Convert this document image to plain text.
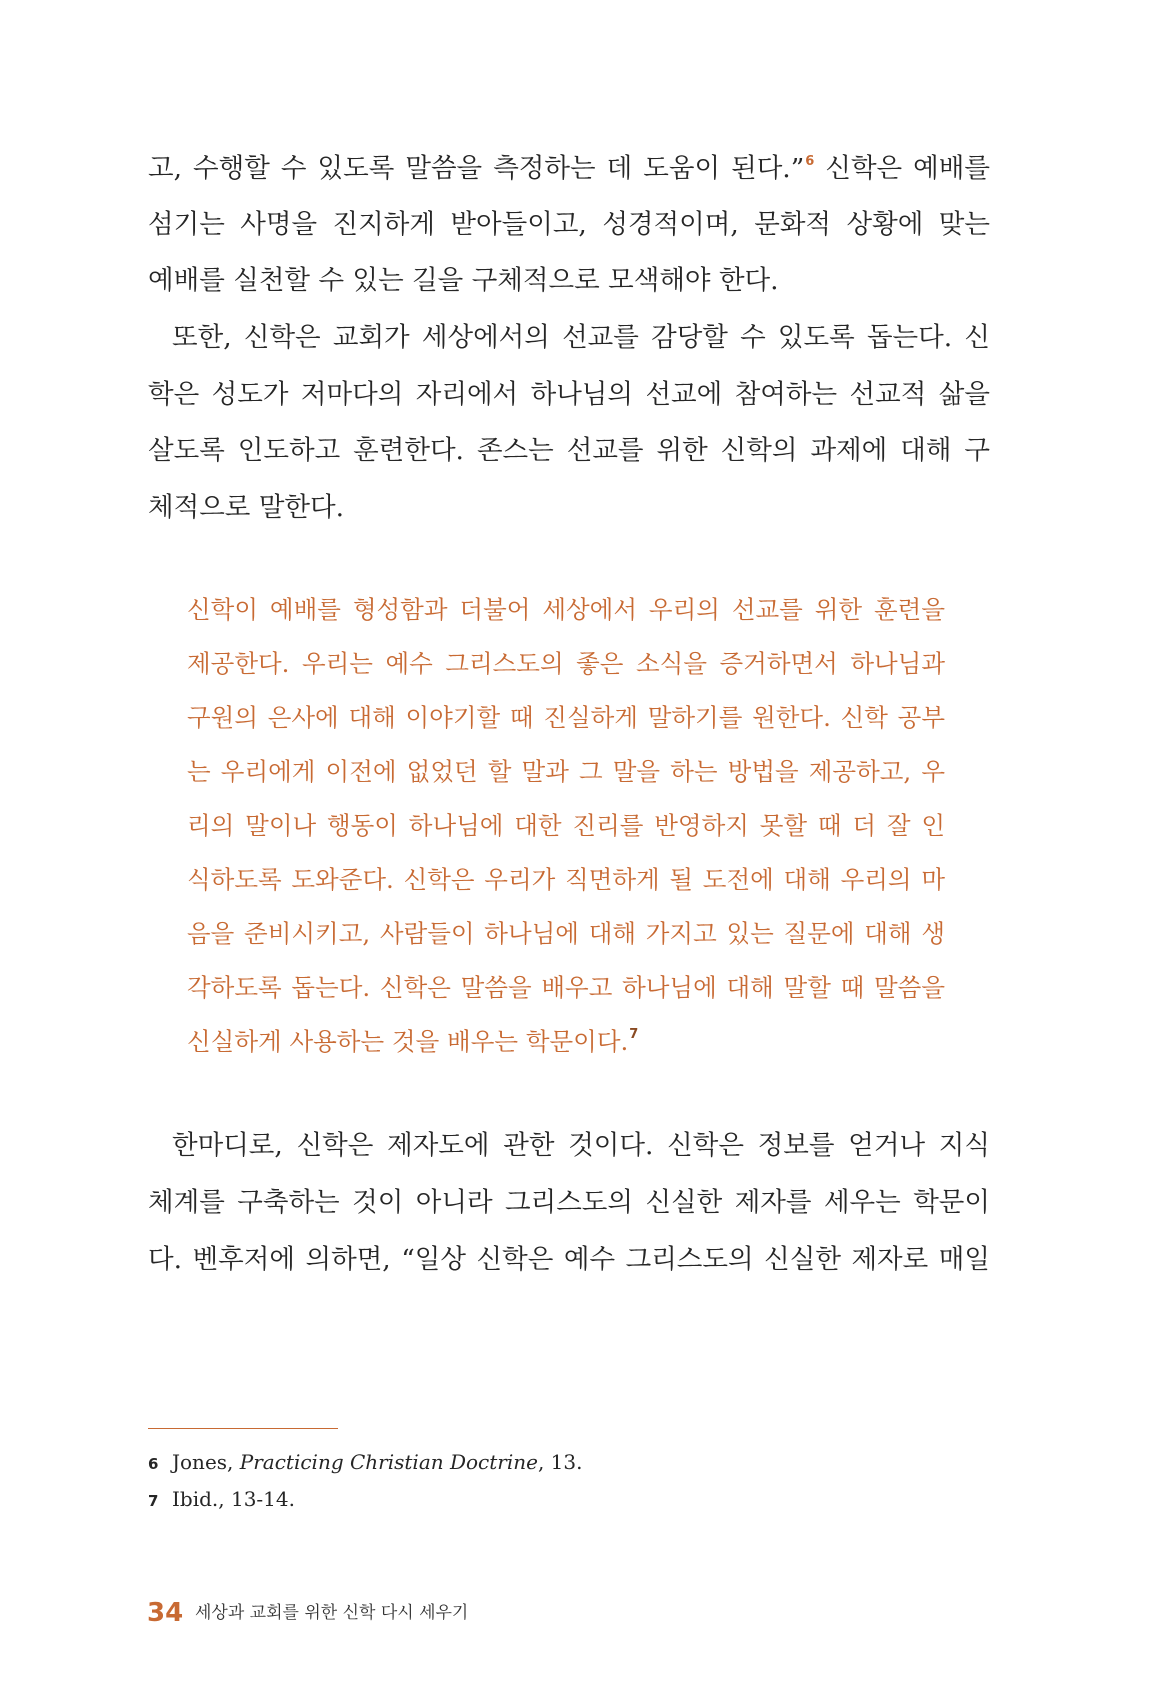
고, 수행할 수 있도록 말씀을 측정하는 데 도움이 된다.”$^6$ 신학은 예배를
섬기는 사명을 진지하게 받아들이고, 성경적이며, 문화적 상황에 맞는
예배를 실천할 수 있는 길을 구체적으로 모색해야 한다.
또한, 신학은 교회가 세상에서의 선교를 감당할 수 있도록 돕는다. 신
학은 성도가 저마다의 자리에서 하나님의 선교에 참여하는 선교적 삶을
살도록 인도하고 훈련한다. 존스는 선교를 위한 신학의 과제에 대해 구
체적으로 말한다.
신학이 예배를 형성함과 더불어 세상에서 우리의 선교를 위한 훈련을
제공한다. 우리는 예수 그리스도의 좋은 소식을 증거하면서 하나님과
구원의 은사에 대해 이야기할 때 진실하게 말하기를 원한다. 신학 공부
는 우리에게 이전에 없었던 할 말과 그 말을 하는 방법을 제공하고, 우
리의 말이나 행동이 하나님에 대한 진리를 반영하지 못할 때 더 잘 인
식하도록 도와준다. 신학은 우리가 직면하게 될 도전에 대해 우리의 마
음을 준비시키고, 사람들이 하나님에 대해 가지고 있는 질문에 대해 생
각하도록 돕는다. 신학은 말씀을 배우고 하나님에 대해 말할 때 말씀을
신실하게 사용하는 것을 배우는 학문이다.$^7$
한마디로, 신학은 제자도에 관한 것이다. 신학은 정보를 얻거나 지식
체계를 구축하는 것이 아니라 그리스도의 신실한 제자를 세우는 학문이
다. 벤후저에 의하면, “일상 신학은 예수 그리스도의 신실한 제자로 매일
6 Jones, Practicing Christian Doctrine, 13.
7 Ibid., 13-14.
34 세상과 교회를 위한 신학 다시 세우기
